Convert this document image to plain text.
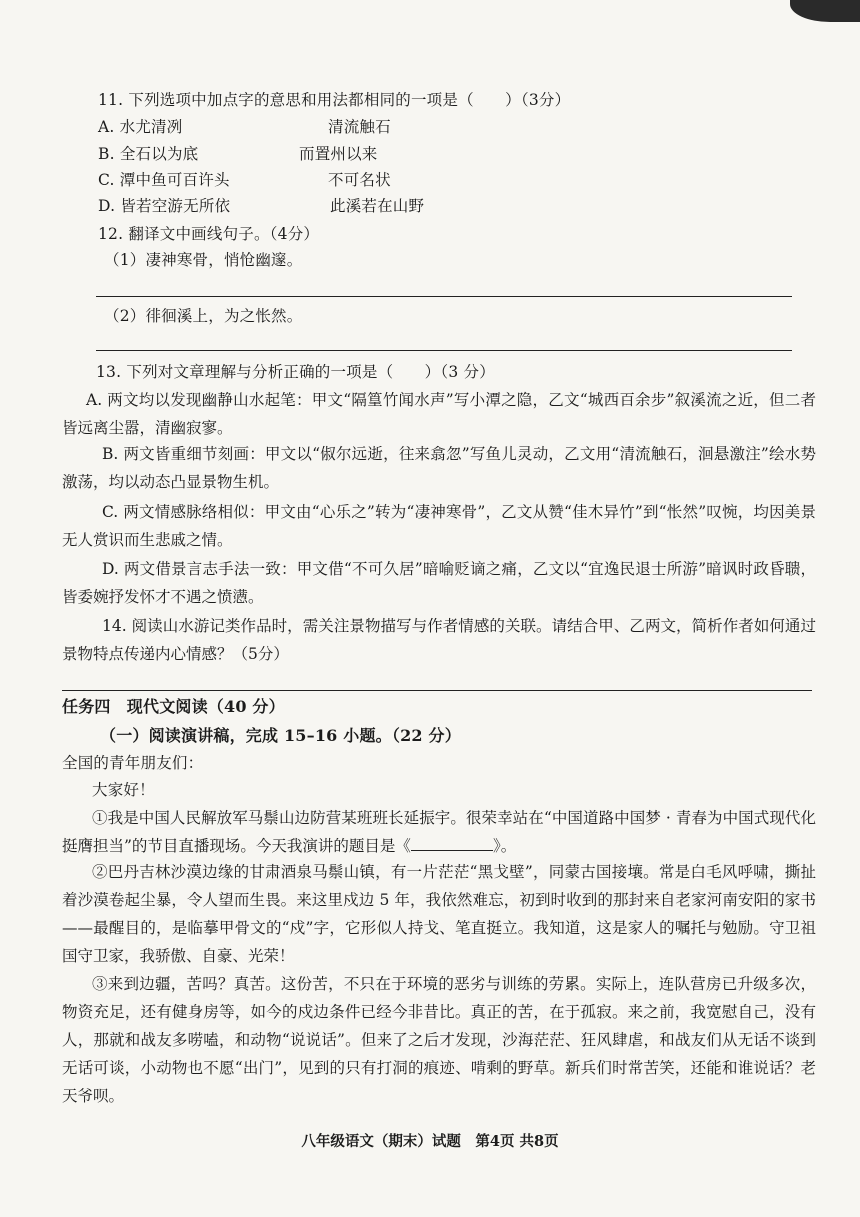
11. 下列选项中加点字的意思和用法都相同的一项是（　　）（3分）
A. 水尤清冽	清流触石
B. 全石以为底	而置州以来
C. 潭中鱼可百许头	不可名状
D. 皆若空游无所依	此溪若在山野
12. 翻译文中画线句子。（4分）
（1）凄神寒骨，悄怆幽邃。
（2）徘徊溪上，为之怅然。
13. 下列对文章理解与分析正确的一项是（　　）（3 分）
A. 两文均以发现幽静山水起笔：甲文“隔篁竹闻水声”写小潭之隐，乙文“城西百余步”叙溪流之近，但二者皆远离尘嚣，清幽寂寥。
B. 两文皆重细节刻画：甲文以“俶尔远逝，往来翕忽”写鱼儿灵动，乙文用“清流触石，洄悬激注”绘水势激荡，均以动态凸显景物生机。
C. 两文情感脉络相似：甲文由“心乐之”转为“凄神寒骨”，乙文从赞“佳木异竹”到“怅然”叹惋，均因美景无人赏识而生悲戚之情。
D. 两文借景言志手法一致：甲文借“不可久居”暗喻贬谪之痛，乙文以“宜逸民退士所游”暗讽时政昏聩，皆委婉抒发怀才不遇之愤懑。
14. 阅读山水游记类作品时，需关注景物描写与作者情感的关联。请结合甲、乙两文，简析作者如何通过景物特点传递内心情感？（5分）
任务四　现代文阅读（40 分）
（一）阅读演讲稿，完成 15–16 小题。（22 分）
全国的青年朋友们：
大家好！
①我是中国人民解放军马鬃山边防营某班班长延振宇。很荣幸站在“中国道路中国梦 · 青春为中国式现代化挺膺担当”的节目直播现场。今天我演讲的题目是《	》。
②巴丹吉林沙漠边缘的甘肃酒泉马鬃山镇，有一片茫茫“黑戈壁”，同蒙古国接壤。常是白毛风呼啸，撕扯着沙漠卷起尘暴，令人望而生畏。来这里戍边 5 年，我依然难忘，初到时收到的那封来自老家河南安阳的家书——最醒目的，是临摹甲骨文的“戍”字，它形似人持戈、笔直挺立。我知道，这是家人的嘱托与勉励。守卫祖国守卫家，我骄傲、自豪、光荣！
③来到边疆，苦吗？真苦。这份苦，不只在于环境的恶劣与训练的劳累。实际上，连队营房已升级多次，物资充足，还有健身房等，如今的戍边条件已经今非昔比。真正的苦，在于孤寂。来之前，我宽慰自己，没有人，那就和战友多唠嗑，和动物“说说话”。但来了之后才发现，沙海茫茫、狂风肆虐，和战友们从无话不谈到无话可谈，小动物也不愿“出门”，见到的只有打洞的痕迹、啃剩的野草。新兵们时常苦笑，还能和谁说话？老天爷呗。
八年级语文（期末）试题　第4页 共8页
